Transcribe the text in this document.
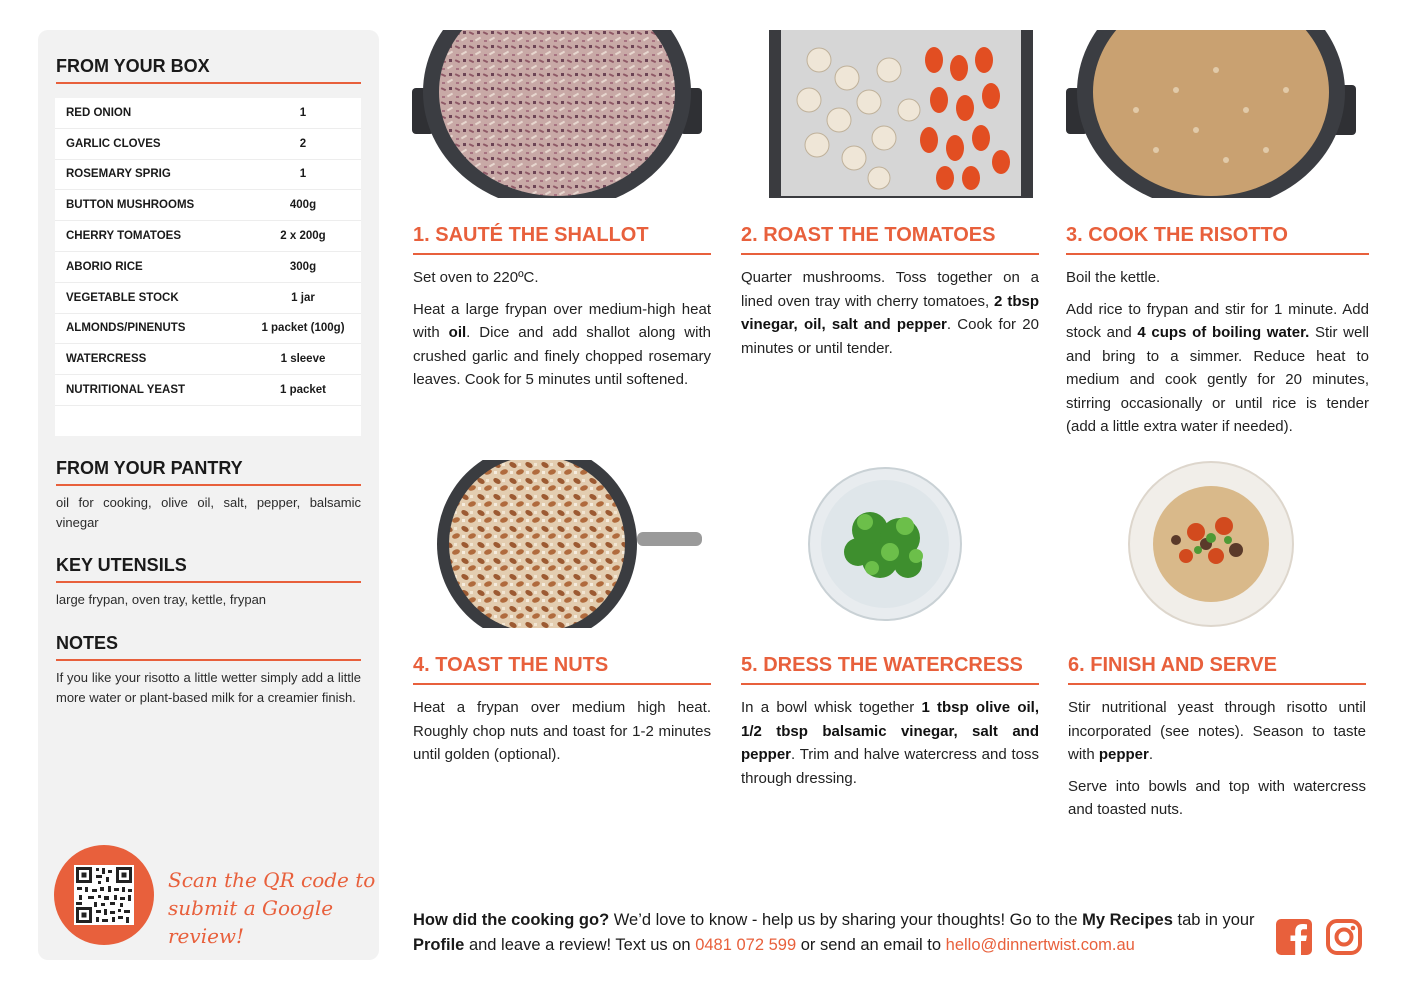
FROM YOUR BOX
RED ONION	1
GARLIC CLOVES	2
ROSEMARY SPRIG	1
BUTTON MUSHROOMS	400g
CHERRY TOMATOES	2 x 200g
ABORIO RICE	300g
VEGETABLE STOCK	1 jar
ALMONDS/PINENUTS	1 packet (100g)
WATERCRESS	1 sleeve
NUTRITIONAL YEAST	1 packet
FROM YOUR PANTRY
oil for cooking, olive oil, salt, pepper, balsamic vinegar
KEY UTENSILS
large frypan, oven tray, kettle, frypan
NOTES
If you like your risotto a little wetter simply add a little more water or plant-based milk for a creamier finish.
Scan the QR code to
submit a Google review!
1. SAUTÉ THE SHALLOT

Set oven to 220ºC.

Heat a large frypan over medium-high heat with oil. Dice and add shallot along with crushed garlic and finely chopped rosemary leaves. Cook for 5 minutes until softened.

2. ROAST THE TOMATOES

Quarter mushrooms. Toss together on a lined oven tray with cherry tomatoes, 2 tbsp vinegar, oil, salt and pepper. Cook for 20 minutes or until tender.

3. COOK THE RISOTTO

Boil the kettle.

Add rice to frypan and stir for 1 minute. Add stock and 4 cups of boiling water. Stir well and bring to a simmer. Reduce heat to medium and cook gently for 20 minutes, stirring occasionally or until rice is tender (add a little extra water if needed).

4. TOAST THE NUTS

Heat a frypan over medium high heat. Roughly chop nuts and toast for 1-2 minutes until golden (optional).

5. DRESS THE WATERCRESS

In a bowl whisk together 1 tbsp olive oil, 1/2 tbsp balsamic vinegar, salt and pepper. Trim and halve watercress and toss through dressing.

6. FINISH AND SERVE

Stir nutritional yeast through risotto until incorporated (see notes). Season to taste with pepper.

Serve into bowls and top with watercress and toasted nuts.

How did the cooking go? We’d love to know - help us by sharing your thoughts! Go to the My Recipes tab in your Profile and leave a review! Text us on 0481 072 599 or send an email to hello@dinnertwist.com.au
